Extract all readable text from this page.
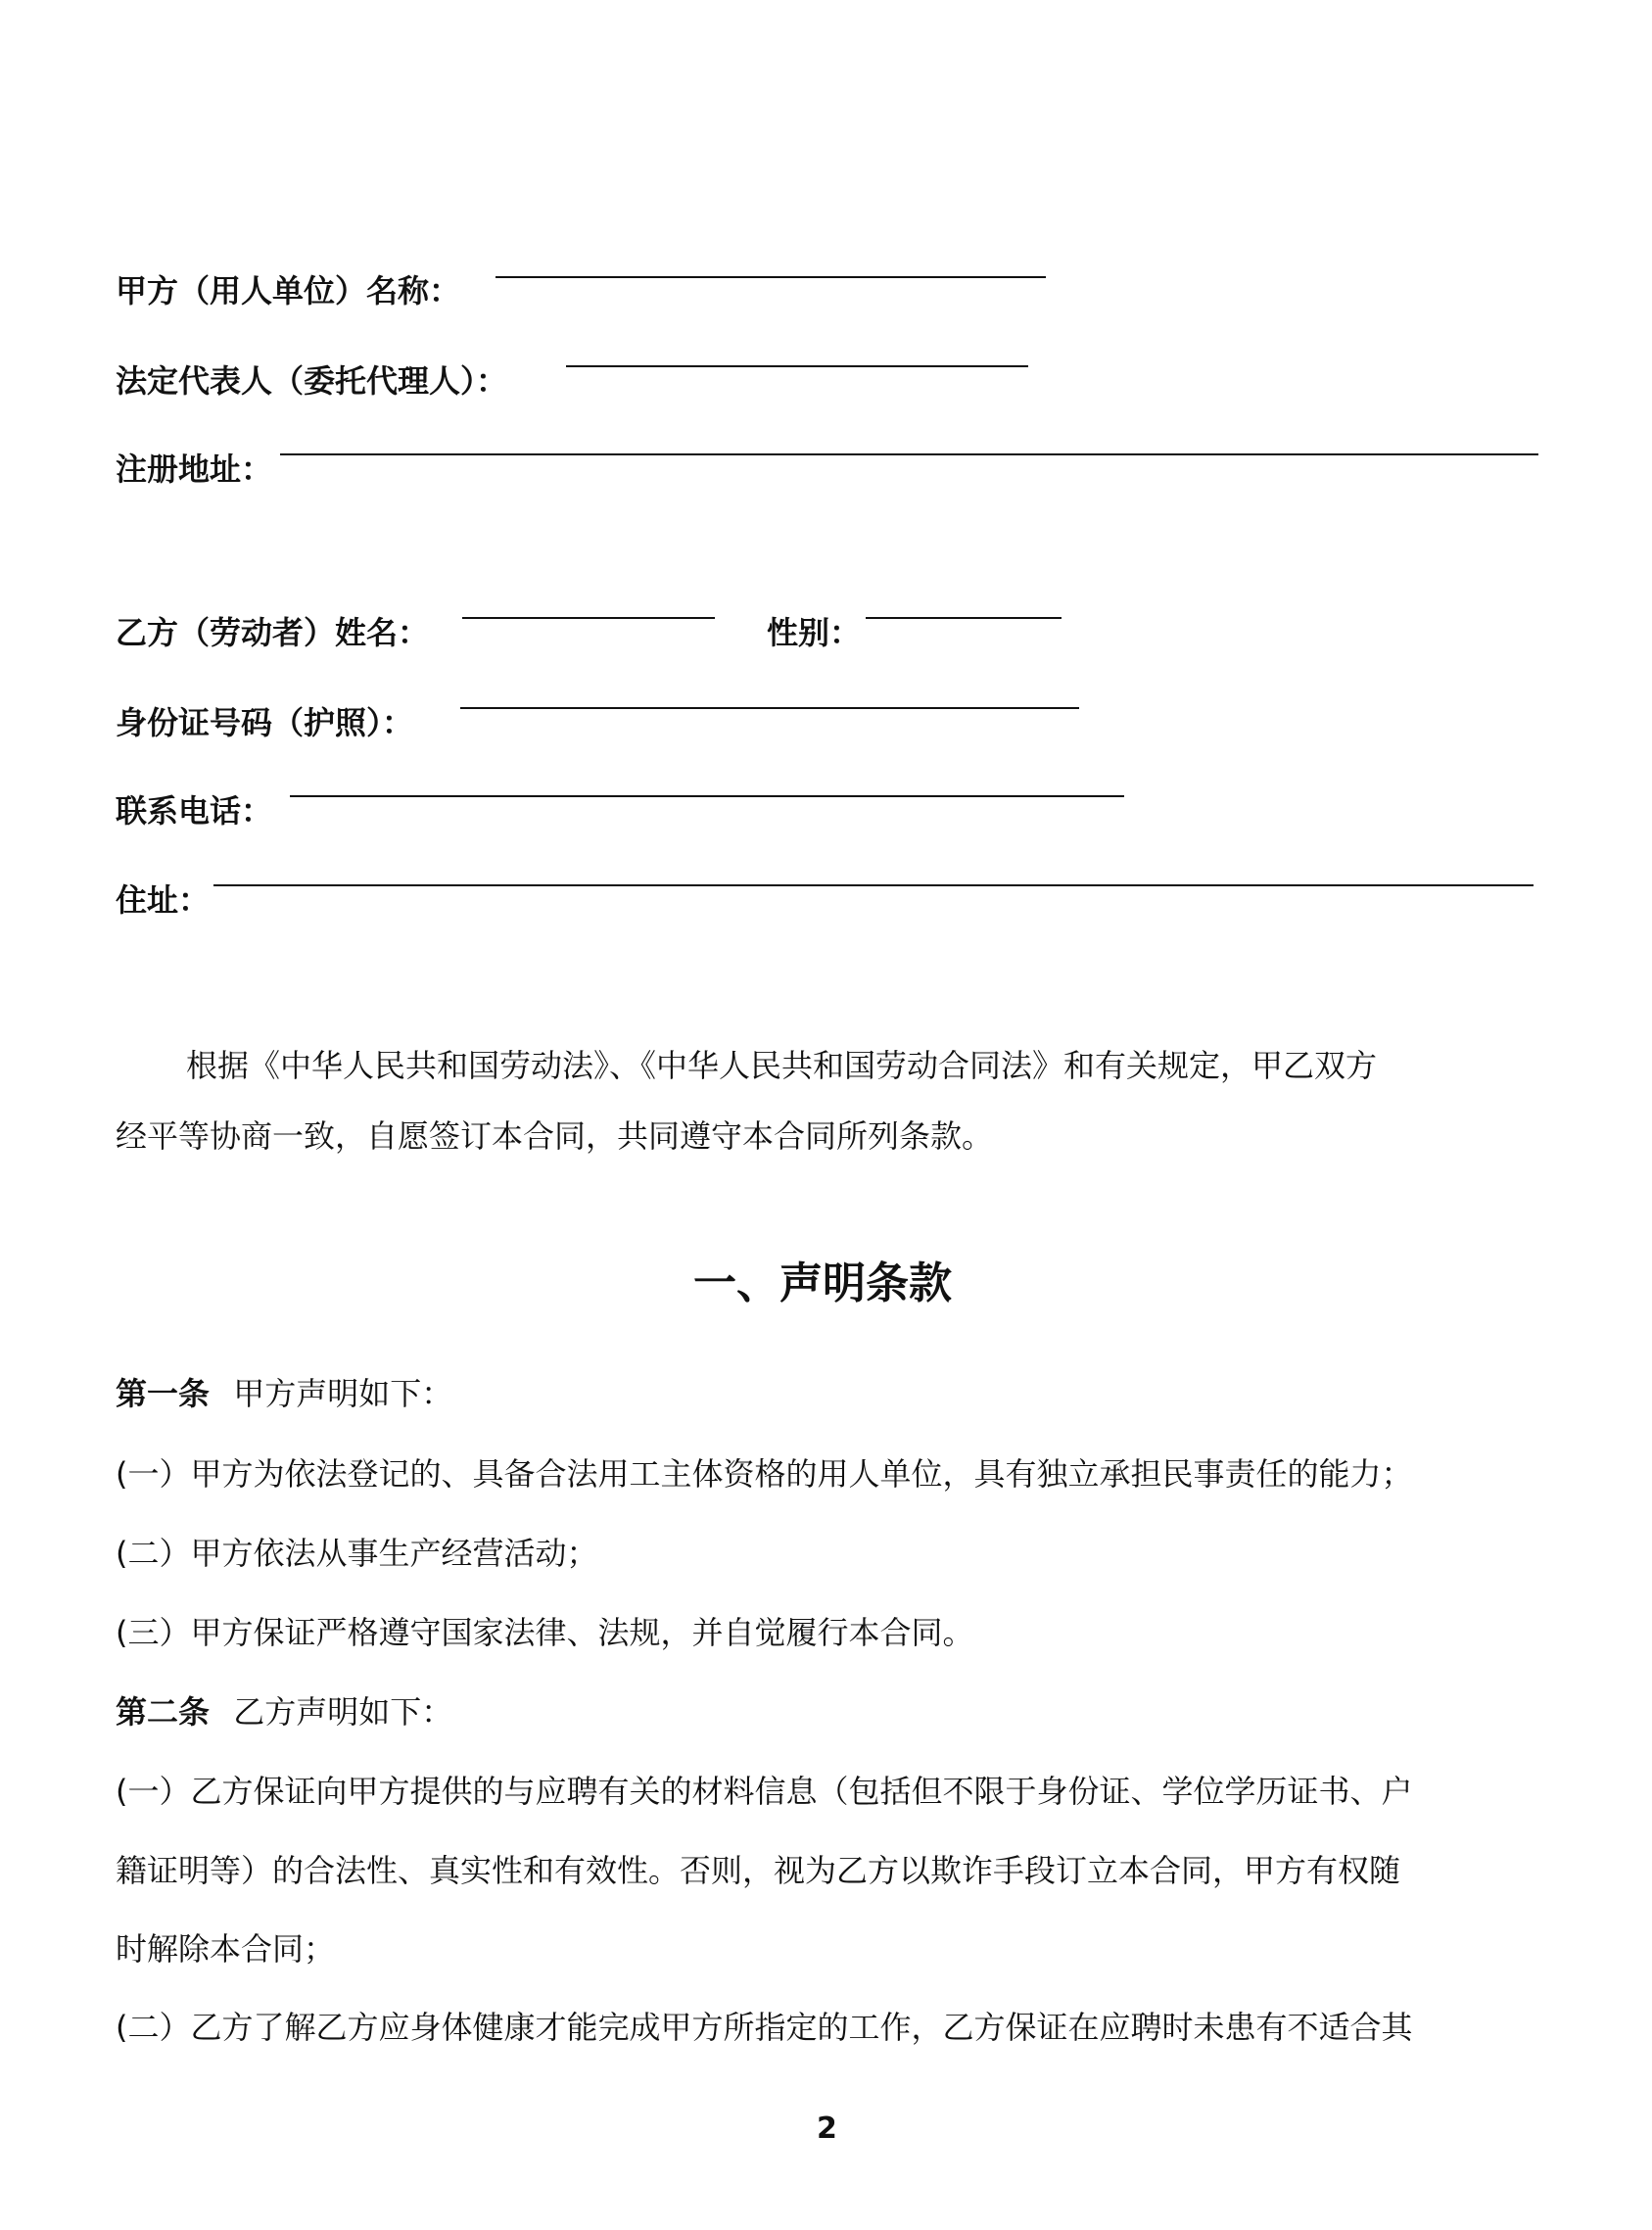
甲方（用人单位）名称：
法定代表人（委托代理人）：
注册地址：
乙方（劳动者）姓名：	性别：
身份证号码（护照）：
联系电话：
住址：
根据《中华人民共和国劳动法》、《中华人民共和国劳动合同法》和有关规定，甲乙双方
经平等协商一致，自愿签订本合同，共同遵守本合同所列条款。
一、声明条款
第一条 甲方声明如下：
(一）甲方为依法登记的、具备合法用工主体资格的用人单位，具有独立承担民事责任的能力；
(二）甲方依法从事生产经营活动；
(三）甲方保证严格遵守国家法律、法规，并自觉履行本合同。
第二条 乙方声明如下：
(一）乙方保证向甲方提供的与应聘有关的材料信息（包括但不限于身份证、学位学历证书、户
籍证明等）的合法性、真实性和有效性。否则，视为乙方以欺诈手段订立本合同，甲方有权随
时解除本合同；
(二）乙方了解乙方应身体健康才能完成甲方所指定的工作，乙方保证在应聘时未患有不适合其
2
